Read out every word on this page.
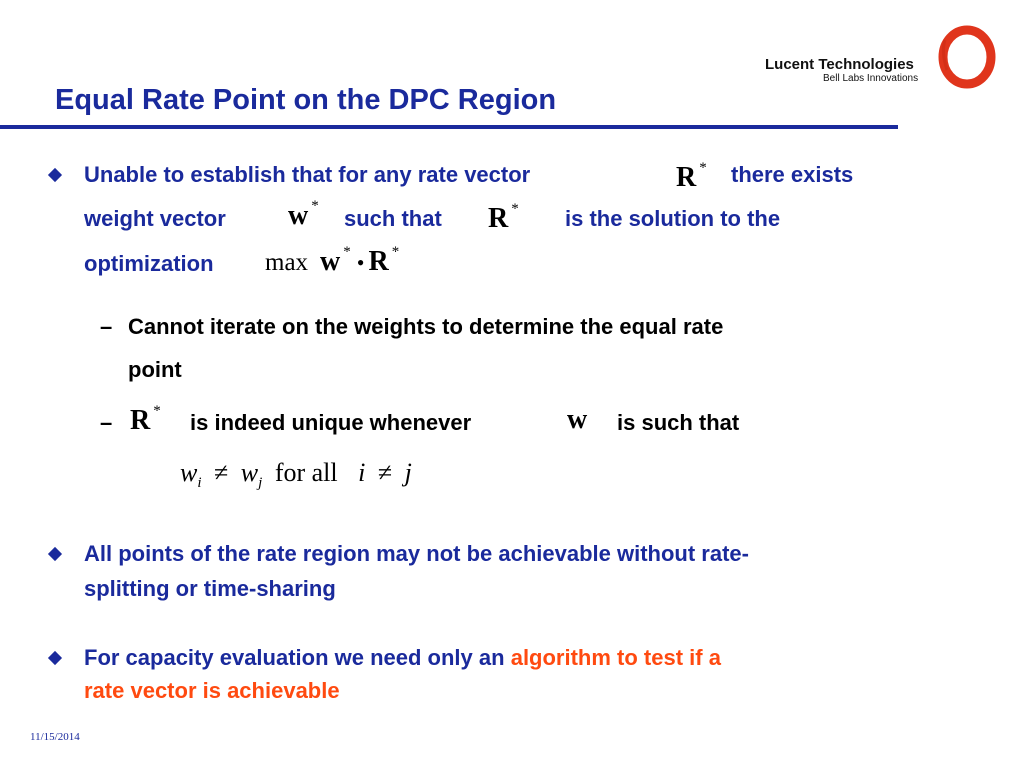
Equal Rate Point on the DPC Region
Lucent Technologies
Bell Labs Innovations
Unable to establish that for any rate vector	R * there exists
weight vector w * such that R * is the solution to the
optimization max w * • R *
– Cannot iterate on the weights to determine the equal rate
point
– R * is indeed unique whenever	w is such that
$w_i \ne w_j$ for all i ≠ j
All points of the rate region may not be achievable without rate-
splitting or time-sharing
For capacity evaluation we need only an algorithm to test if a
rate vector is achievable
11/15/2014
